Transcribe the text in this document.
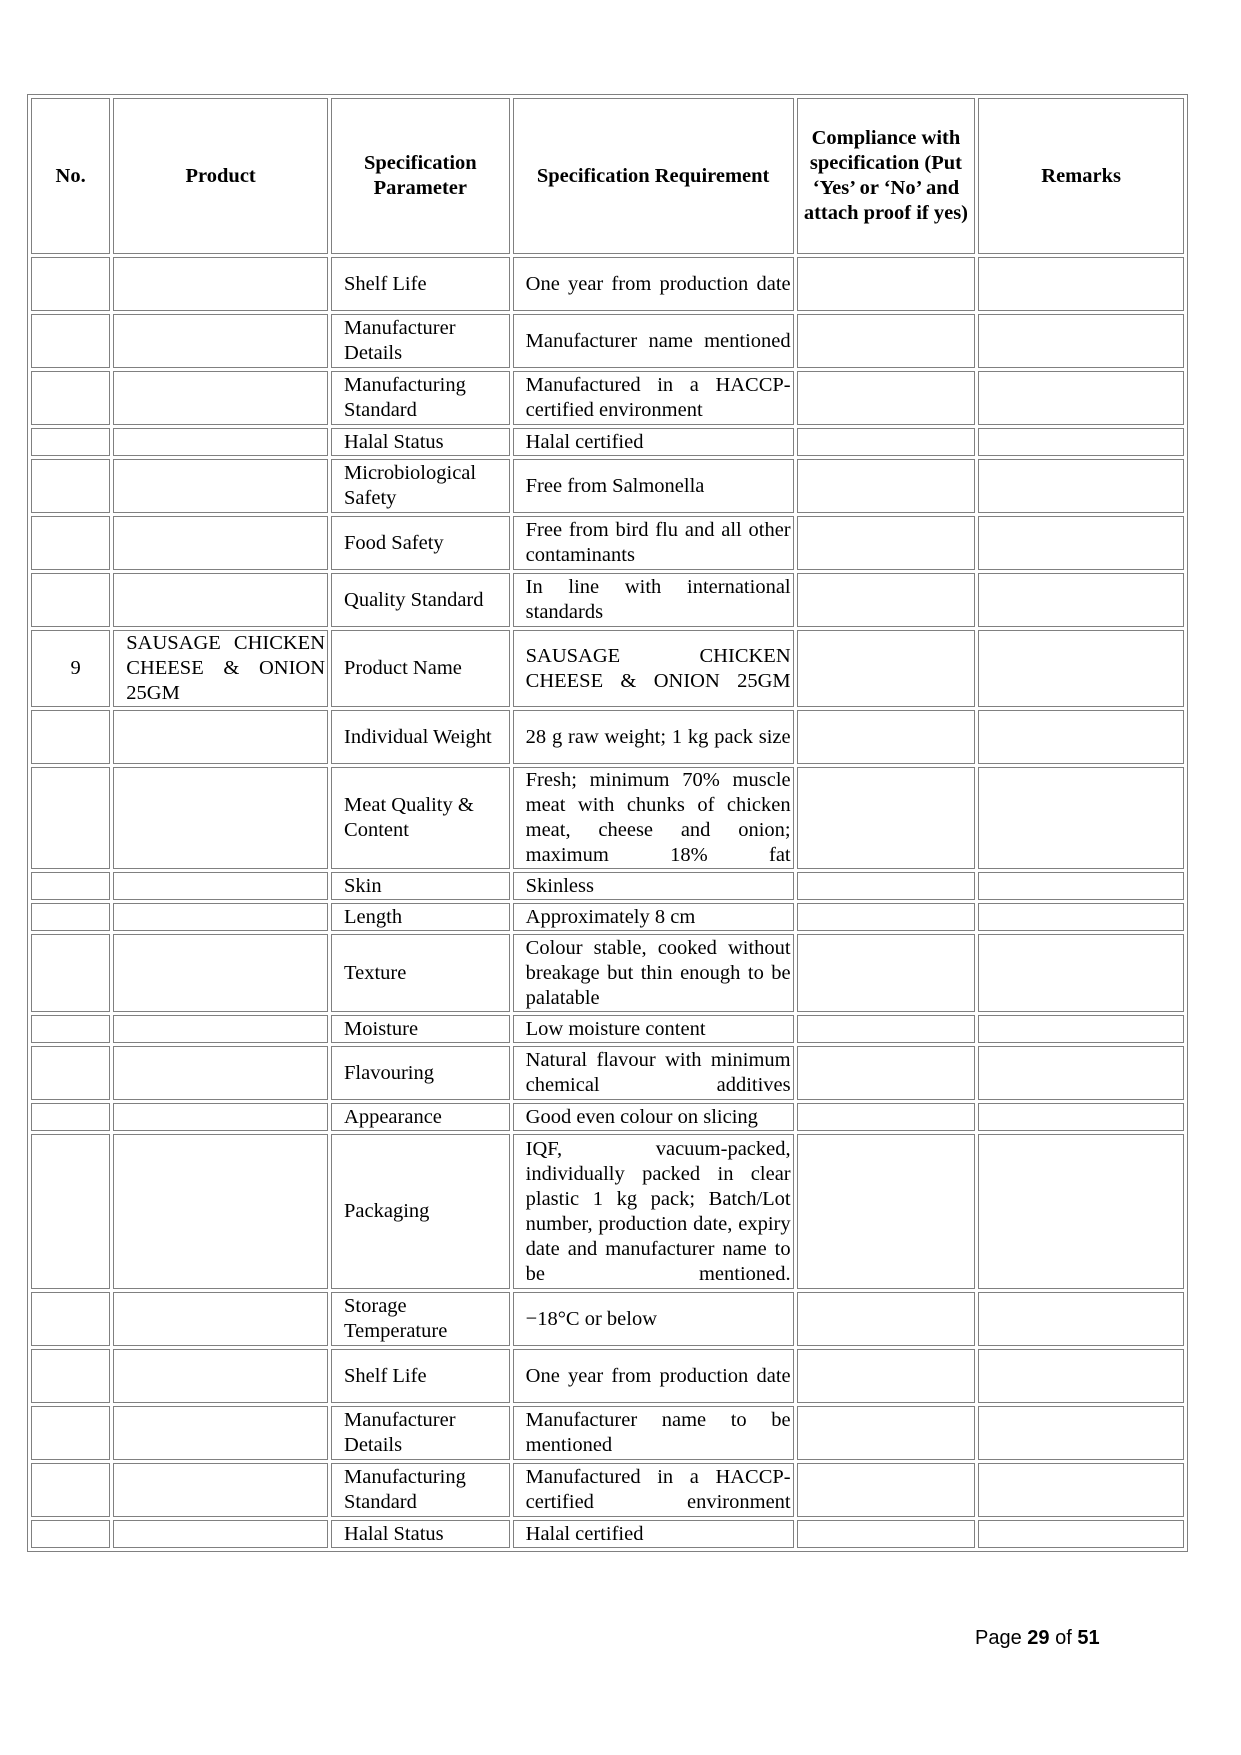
No.	Product	Specification Parameter	Specification Requirement	Compliance with specification (Put ‘Yes’ or ‘No’ and attach proof if yes)	Remarks
		Shelf Life	One year from production date		
		Manufacturer Details	Manufacturer name mentioned		
		Manufacturing Standard	Manufactured in a HACCP-certified environment		
		Halal Status	Halal certified		
		Microbiological Safety	Free from Salmonella		
		Food Safety	Free from bird flu and all other contaminants		
		Quality Standard	In line with international standards		
9	SAUSAGE CHICKEN CHEESE & ONION 25GM	Product Name	SAUSAGE CHICKEN CHEESE & ONION 25GM		
		Individual Weight	28 g raw weight; 1 kg pack size		
		Meat Quality & Content	Fresh; minimum 70% muscle meat with chunks of chicken meat, cheese and onion; maximum 18% fat		
		Skin	Skinless		
		Length	Approximately 8 cm		
		Texture	Colour stable, cooked without breakage but thin enough to be palatable		
		Moisture	Low moisture content		
		Flavouring	Natural flavour with minimum chemical additives		
		Appearance	Good even colour on slicing		
		Packaging	IQF, vacuum-packed, individually packed in clear plastic 1 kg pack; Batch/Lot number, production date, expiry date and manufacturer name to be mentioned.		
		Storage Temperature	−18°C or below		
		Shelf Life	One year from production date		
		Manufacturer Details	Manufacturer name to be mentioned		
		Manufacturing Standard	Manufactured in a HACCP-certified environment		
		Halal Status	Halal certified		
Page 29 of 51
